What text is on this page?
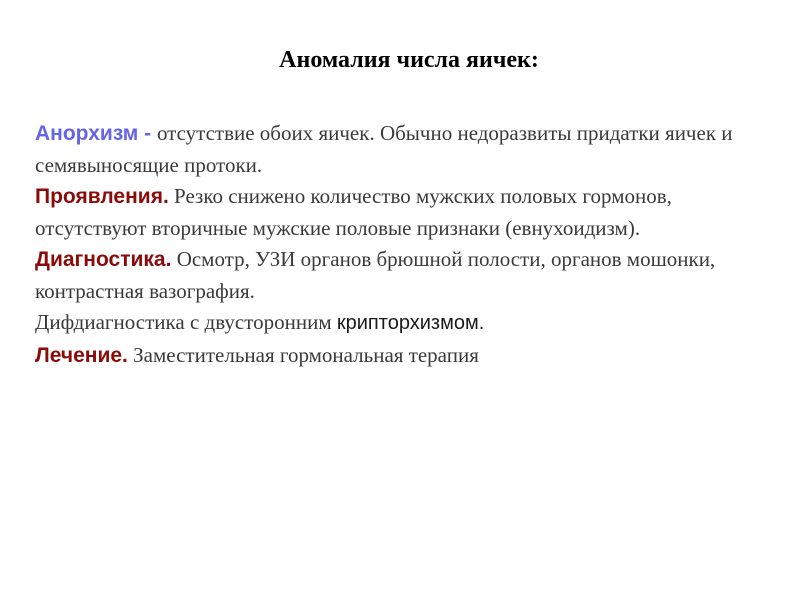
Аномалия числа яичек:
Анорхизм - отсутствие обоих яичек. Обычно недоразвиты придатки яичек и семявыносящие протоки.
Проявления. Резко снижено количество мужских половых гормонов, отсутствуют вторичные мужские половые признаки (евнухоидизм).
Диагностика. Осмотр, УЗИ органов брюшной полости, органов мошонки, контрастная вазография.
Дифдиагностика с двусторонним крипторхизмом.
Лечение. Заместительная гормональная терапия
